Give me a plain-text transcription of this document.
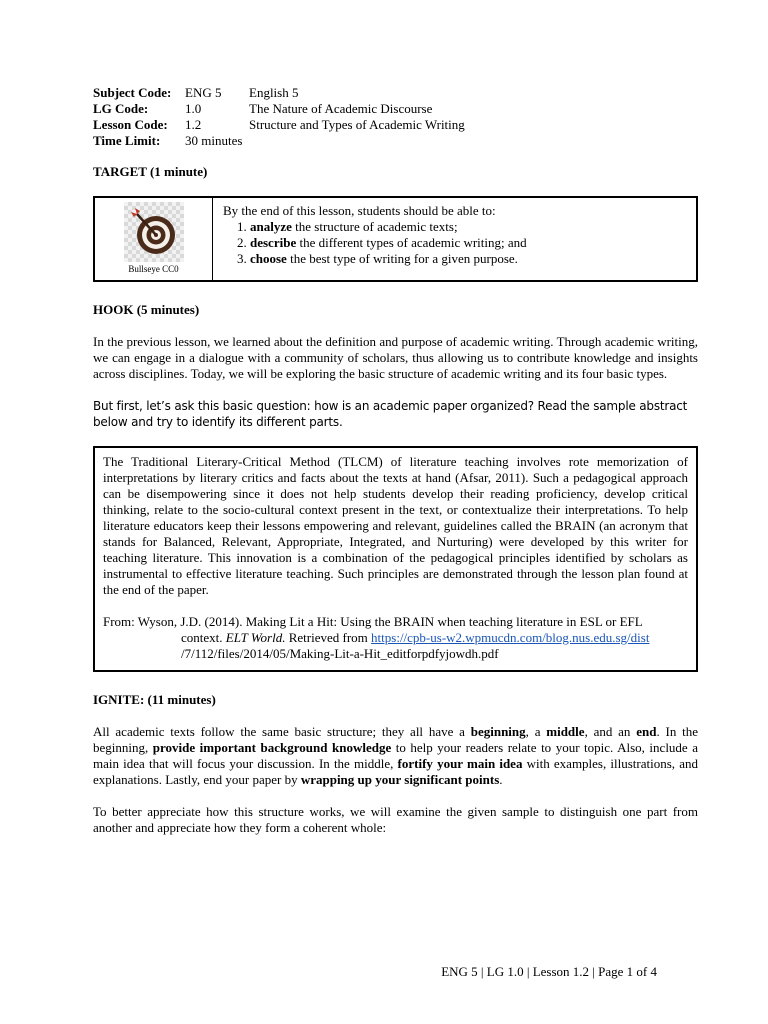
Subject Code:	ENG 5	English 5
LG Code:	1.0	The Nature of Academic Discourse
Lesson Code:	1.2	Structure and Types of Academic Writing
Time Limit:	30 minutes
TARGET (1 minute)
Bullseye CC0
By the end of this lesson, students should be able to:
1. analyze the structure of academic texts;
2. describe the different types of academic writing; and
3. choose the best type of writing for a given purpose.
HOOK (5 minutes)

In the previous lesson, we learned about the definition and purpose of academic writing. Through academic writing, we can engage in a dialogue with a community of scholars, thus allowing us to contribute knowledge and insights across disciplines. Today, we will be exploring the basic structure of academic writing and its four basic types.

But first, let’s ask this basic question: how is an academic paper organized? Read the sample abstract below and try to identify its different parts.

The Traditional Literary-Critical Method (TLCM) of literature teaching involves rote memorization of interpretations by literary critics and facts about the texts at hand (Afsar, 2011). Such a pedagogical approach can be disempowering since it does not help students develop their reading proficiency, develop critical thinking, relate to the socio-cultural context present in the text, or contextualize their interpretations. To help literature educators keep their lessons empowering and relevant, guidelines called the BRAIN (an acronym that stands for Balanced, Relevant, Appropriate, Integrated, and Nurturing) were developed by this writer for teaching literature. This innovation is a combination of the pedagogical principles identified by scholars as instrumental to effective literature teaching. Such principles are demonstrated through the lesson plan found at the end of the paper.

From: Wyson, J.D. (2014). Making Lit a Hit: Using the BRAIN when teaching literature in ESL or EFL
context. ELT World. Retrieved from https://cpb-us-w2.wpmucdn.com/blog.nus.edu.sg/dist
/7/112/files/2014/05/Making-Lit-a-Hit_editforpdfyjowdh.pdf
IGNITE: (11 minutes)

All academic texts follow the same basic structure; they all have a beginning, a middle, and an end. In the beginning, provide important background knowledge to help your readers relate to your topic. Also, include a main idea that will focus your discussion. In the middle, fortify your main idea with examples, illustrations, and explanations. Lastly, end your paper by wrapping up your significant points.

To better appreciate how this structure works, we will examine the given sample to distinguish one part from another and appreciate how they form a coherent whole:

ENG 5 | LG 1.0 | Lesson 1.2 | Page 1 of 4
